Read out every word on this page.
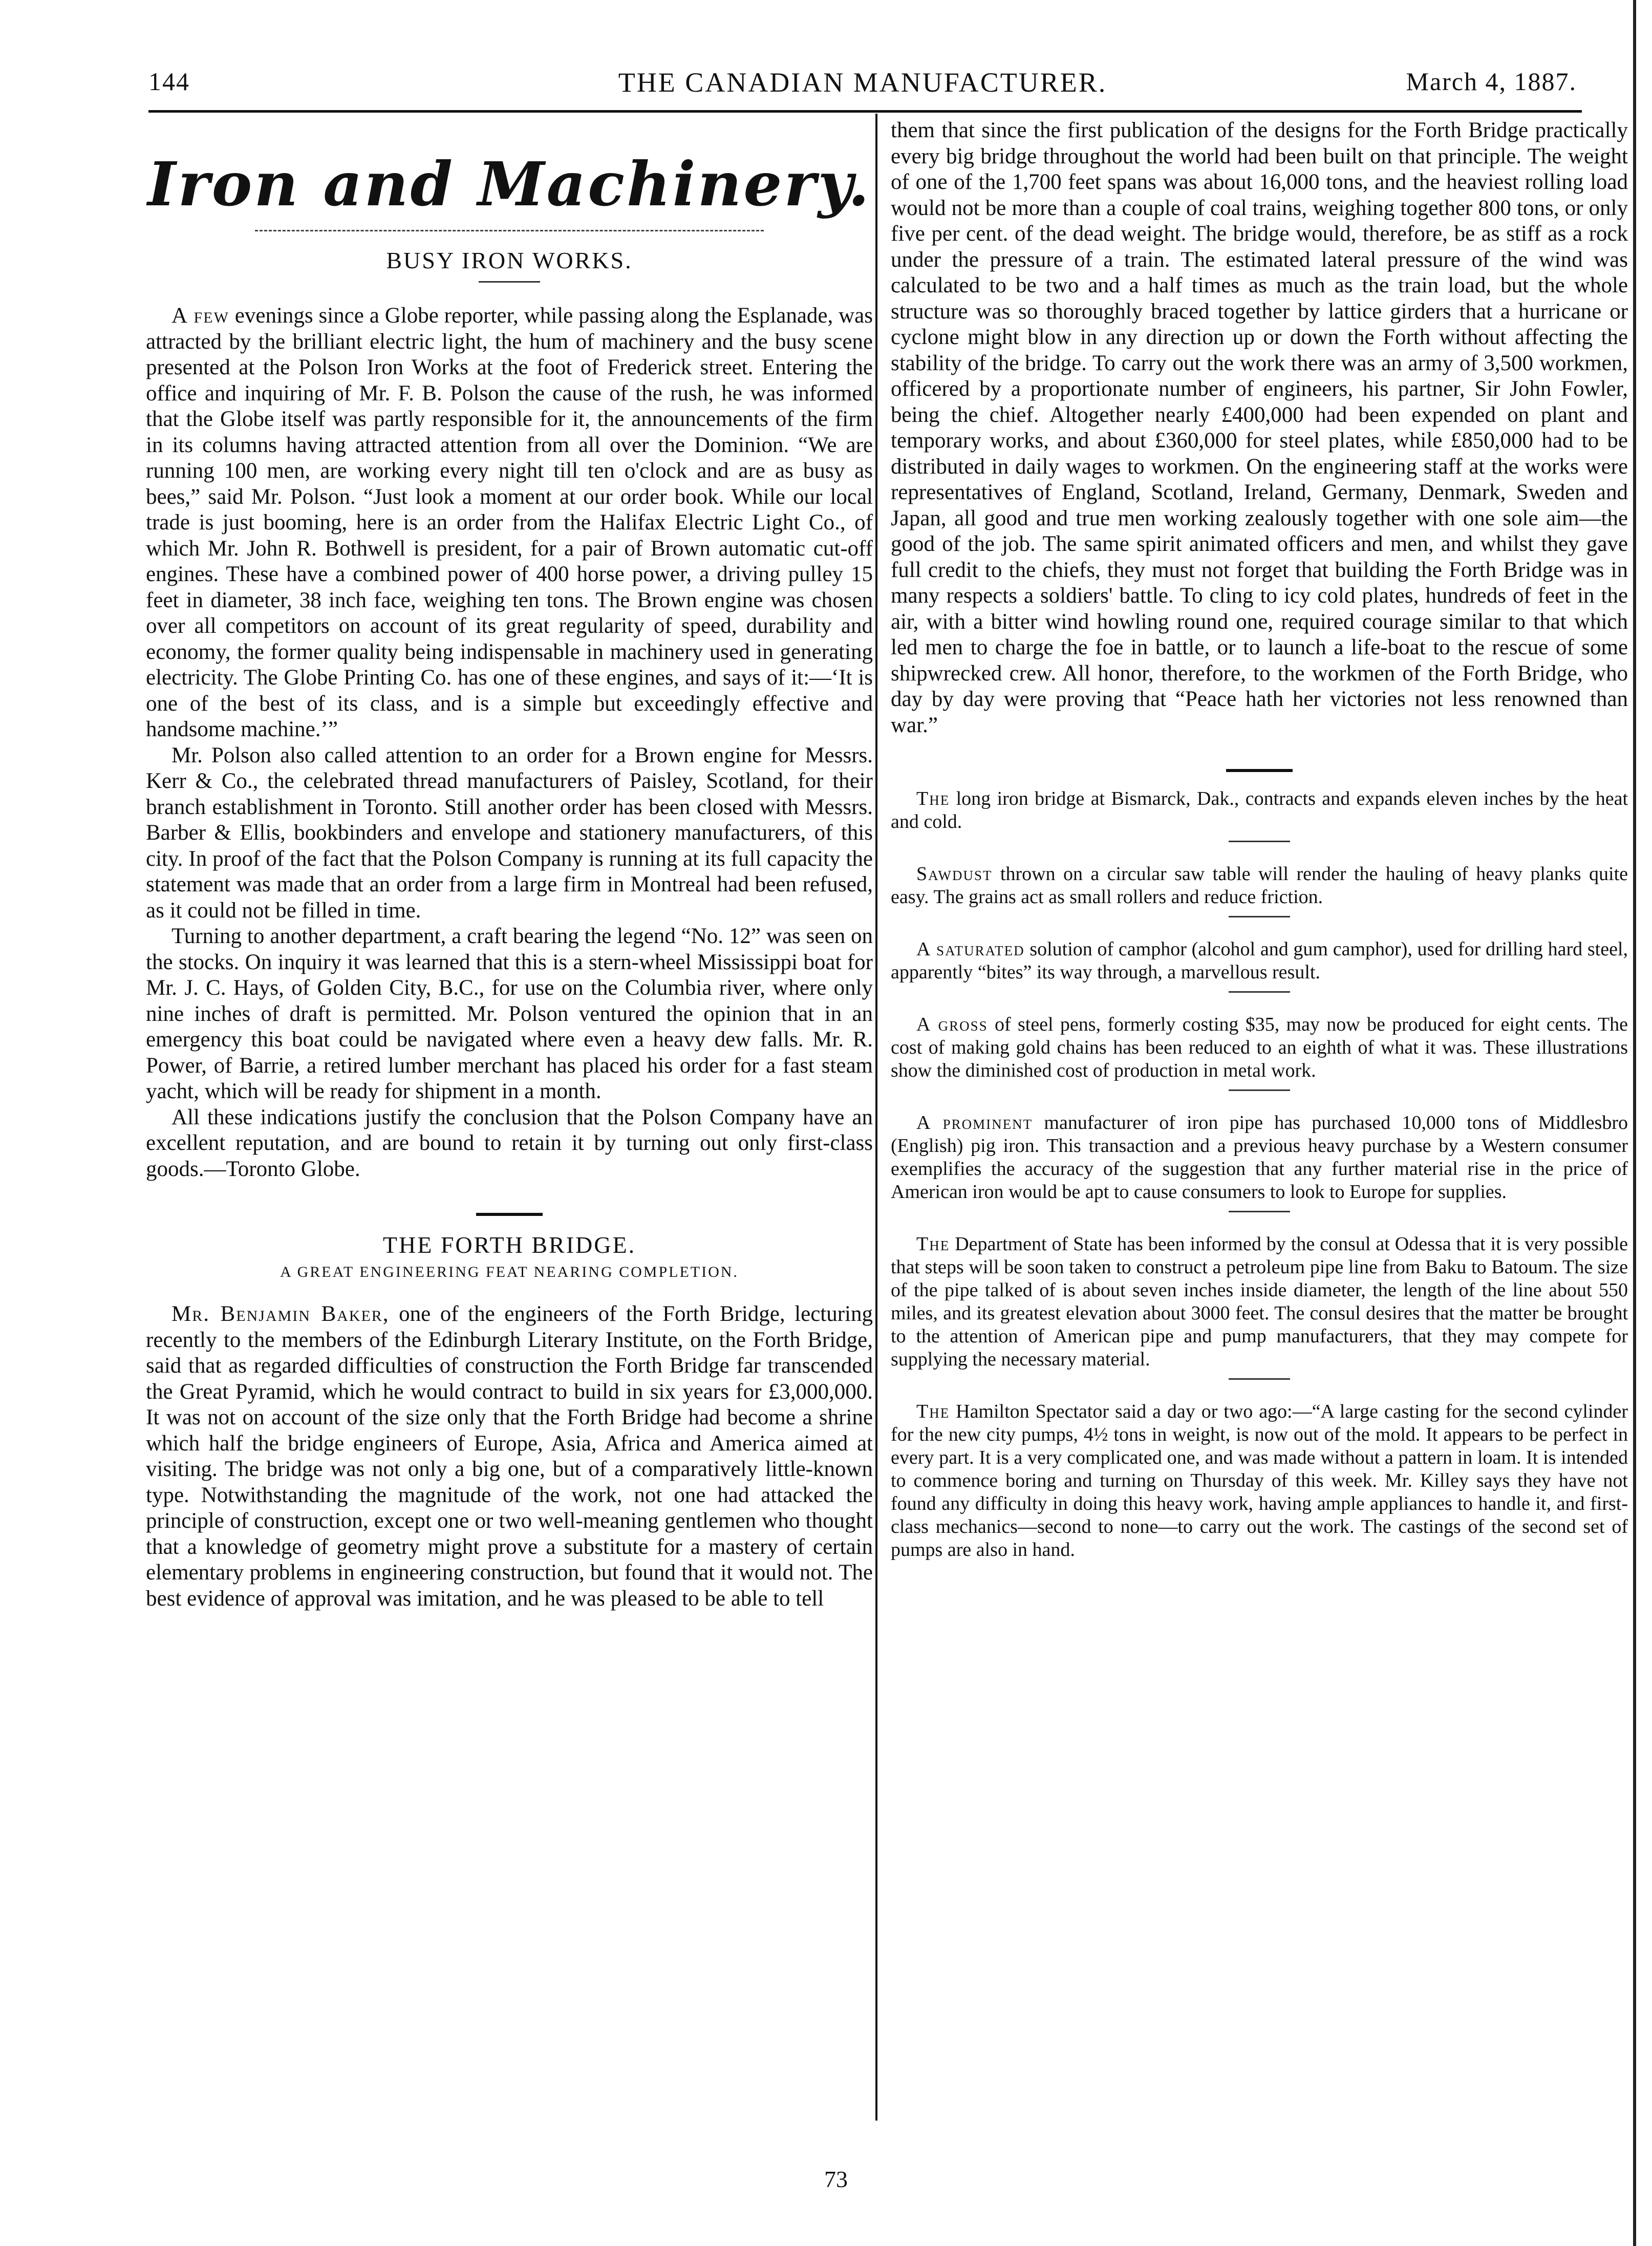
144	THE CANADIAN MANUFACTURER.	March 4, 1887.
Iron and Machinery.
BUSY IRON WORKS.

A few evenings since a Globe reporter, while passing along the Esplanade, was attracted by the brilliant electric light, the hum of machinery and the busy scene presented at the Polson Iron Works at the foot of Frederick street. Entering the office and inquiring of Mr. F. B. Polson the cause of the rush, he was informed that the Globe itself was partly responsible for it, the announcements of the firm in its columns having attracted attention from all over the Dominion. “We are running 100 men, are working every night till ten o'clock and are as busy as bees,” said Mr. Polson. “Just look a moment at our order book. While our local trade is just booming, here is an order from the Halifax Electric Light Co., of which Mr. John R. Bothwell is president, for a pair of Brown automatic cut-off engines. These have a combined power of 400 horse power, a driving pulley 15 feet in diameter, 38 inch face, weighing ten tons. The Brown engine was chosen over all competitors on account of its great regularity of speed, durability and economy, the former quality being indispensable in machinery used in generating electricity. The Globe Printing Co. has one of these engines, and says of it:—‘It is one of the best of its class, and is a simple but exceedingly effective and handsome machine.’”

Mr. Polson also called attention to an order for a Brown engine for Messrs. Kerr & Co., the celebrated thread manufacturers of Paisley, Scotland, for their branch establishment in Toronto. Still another order has been closed with Messrs. Barber & Ellis, bookbinders and envelope and stationery manufacturers, of this city. In proof of the fact that the Polson Company is running at its full capacity the statement was made that an order from a large firm in Montreal had been refused, as it could not be filled in time.

Turning to another department, a craft bearing the legend “No. 12” was seen on the stocks. On inquiry it was learned that this is a stern-wheel Mississippi boat for Mr. J. C. Hays, of Golden City, B.C., for use on the Columbia river, where only nine inches of draft is permitted. Mr. Polson ventured the opinion that in an emergency this boat could be navigated where even a heavy dew falls. Mr. R. Power, of Barrie, a retired lumber merchant has placed his order for a fast steam yacht, which will be ready for shipment in a month.

All these indications justify the conclusion that the Polson Company have an excellent reputation, and are bound to retain it by turning out only first-class goods.—Toronto Globe.

THE FORTH BRIDGE.
A GREAT ENGINEERING FEAT NEARING COMPLETION.

Mr. Benjamin Baker, one of the engineers of the Forth Bridge, lecturing recently to the members of the Edinburgh Literary Institute, on the Forth Bridge, said that as regarded difficulties of construction the Forth Bridge far transcended the Great Pyramid, which he would contract to build in six years for £3,000,000. It was not on account of the size only that the Forth Bridge had become a shrine which half the bridge engineers of Europe, Asia, Africa and America aimed at visiting. The bridge was not only a big one, but of a comparatively little-known type. Notwithstanding the magnitude of the work, not one had attacked the principle of construction, except one or two well-meaning gentlemen who thought that a knowledge of geometry might prove a substitute for a mastery of certain elementary problems in engineering construction, but found that it would not. The best evidence of approval was imitation, and he was pleased to be able to tell

them that since the first publication of the designs for the Forth Bridge practically every big bridge throughout the world had been built on that principle. The weight of one of the 1,700 feet spans was about 16,000 tons, and the heaviest rolling load would not be more than a couple of coal trains, weighing together 800 tons, or only five per cent. of the dead weight. The bridge would, therefore, be as stiff as a rock under the pressure of a train. The estimated lateral pressure of the wind was calculated to be two and a half times as much as the train load, but the whole structure was so thoroughly braced together by lattice girders that a hurricane or cyclone might blow in any direction up or down the Forth without affecting the stability of the bridge. To carry out the work there was an army of 3,500 workmen, officered by a proportionate number of engineers, his partner, Sir John Fowler, being the chief. Altogether nearly £400,000 had been expended on plant and temporary works, and about £360,000 for steel plates, while £850,000 had to be distributed in daily wages to workmen. On the engineering staff at the works were representatives of England, Scotland, Ireland, Germany, Denmark, Sweden and Japan, all good and true men working zealously together with one sole aim—the good of the job. The same spirit animated officers and men, and whilst they gave full credit to the chiefs, they must not forget that building the Forth Bridge was in many respects a soldiers' battle. To cling to icy cold plates, hundreds of feet in the air, with a bitter wind howling round one, required courage similar to that which led men to charge the foe in battle, or to launch a life-boat to the rescue of some shipwrecked crew. All honor, therefore, to the workmen of the Forth Bridge, who day by day were proving that “Peace hath her victories not less renowned than war.”

The long iron bridge at Bismarck, Dak., contracts and expands eleven inches by the heat and cold.

Sawdust thrown on a circular saw table will render the hauling of heavy planks quite easy. The grains act as small rollers and reduce friction.

A saturated solution of camphor (alcohol and gum camphor), used for drilling hard steel, apparently “bites” its way through, a marvellous result.

A gross of steel pens, formerly costing $35, may now be produced for eight cents. The cost of making gold chains has been reduced to an eighth of what it was. These illustrations show the diminished cost of production in metal work.

A prominent manufacturer of iron pipe has purchased 10,000 tons of Middlesbro (English) pig iron. This transaction and a previous heavy purchase by a Western consumer exemplifies the accuracy of the suggestion that any further material rise in the price of American iron would be apt to cause consumers to look to Europe for supplies.

The Department of State has been informed by the consul at Odessa that it is very possible that steps will be soon taken to construct a petroleum pipe line from Baku to Batoum. The size of the pipe talked of is about seven inches inside diameter, the length of the line about 550 miles, and its greatest elevation about 3000 feet. The consul desires that the matter be brought to the attention of American pipe and pump manufacturers, that they may compete for supplying the necessary material.

The Hamilton Spectator said a day or two ago:—“A large casting for the second cylinder for the new city pumps, 4½ tons in weight, is now out of the mold. It appears to be perfect in every part. It is a very complicated one, and was made without a pattern in loam. It is intended to commence boring and turning on Thursday of this week. Mr. Killey says they have not found any difficulty in doing this heavy work, having ample appliances to handle it, and first-class mechanics—second to none—to carry out the work. The castings of the second set of pumps are also in hand.

73
